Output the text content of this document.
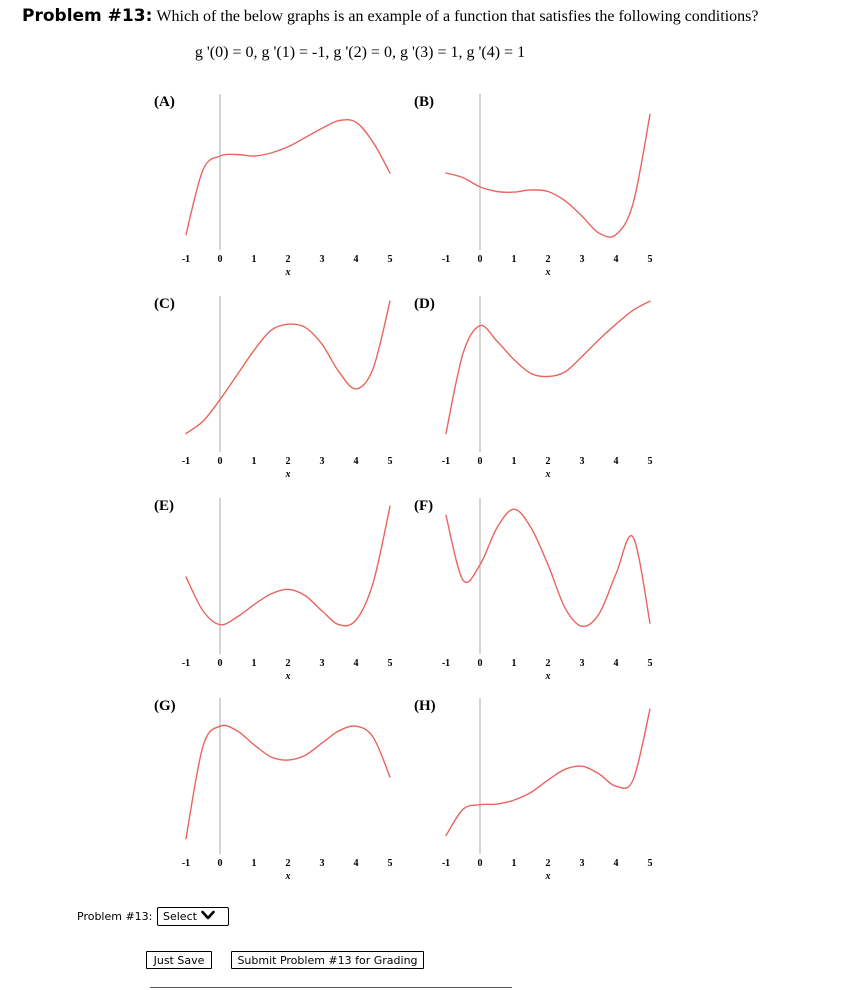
Problem #13: Which of the below graphs is an example of a function that satisfies the following conditions?
g '(0) = 0, g '(1) = -1, g '(2) = 0, g '(3) = 1, g '(4) = 1
(A)
-1	0	1	2	3	4	5
x
(B)
-1	0	1	2	3	4	5
x
(C)
-1	0	1	2	3	4	5
x
(D)
-1	0	1	2	3	4	5
x
(E)
-1	0	1	2	3	4	5
x
(F)
-1	0	1	2	3	4	5
x
(G)
-1	0	1	2	3	4	5
x
(H)
-1	0	1	2	3	4	5
x
Problem #13: Select
Just Save	Submit Problem #13 for Grading
